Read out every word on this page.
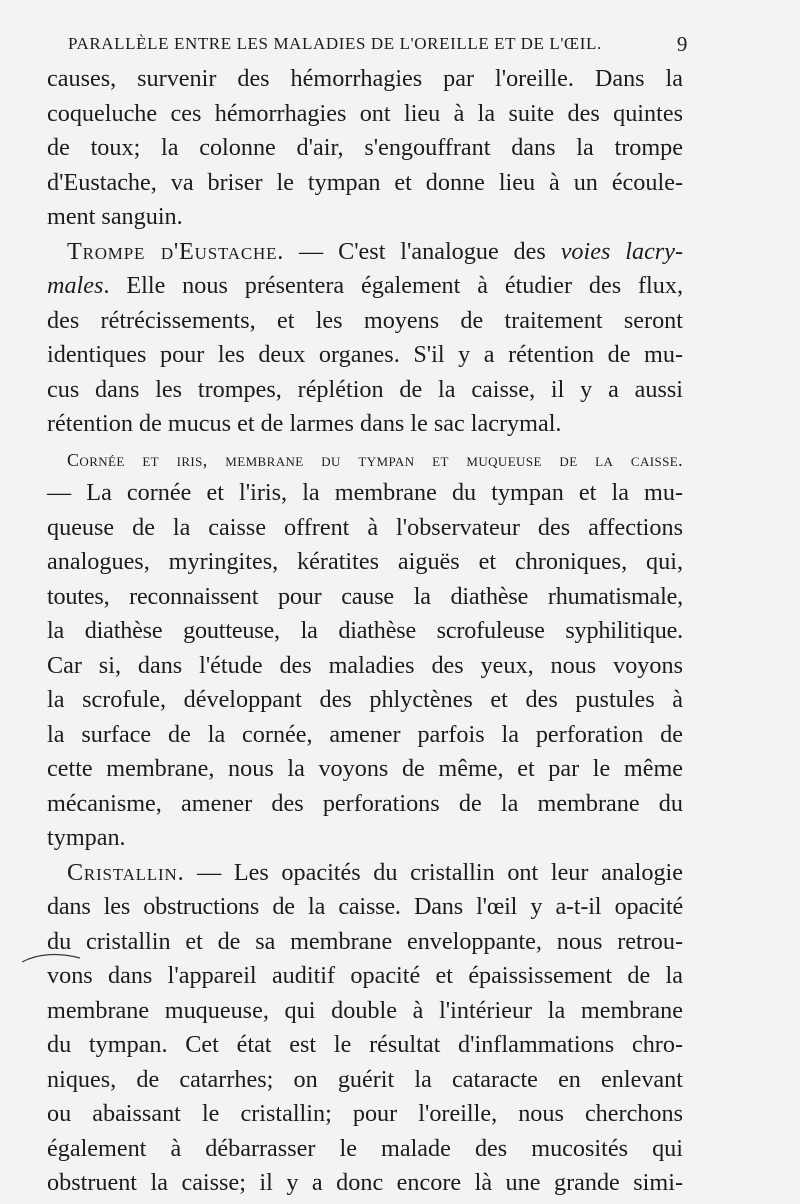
PARALLÈLE ENTRE LES MALADIES DE L'OREILLE ET DE L'ŒIL.	9
causes, survenir des hémorrhagies par l'oreille. Dans la
coqueluche ces hémorrhagies ont lieu à la suite des quintes
de toux; la colonne d'air, s'engouffrant dans la trompe
d'Eustache, va briser le tympan et donne lieu à un écoule-
ment sanguin.
Trompe d'Eustache. — C'est l'analogue des voies lacry-
males. Elle nous présentera également à étudier des flux,
des rétrécissements, et les moyens de traitement seront
identiques pour les deux organes. S'il y a rétention de mu-
cus dans les trompes, réplétion de la caisse, il y a aussi
rétention de mucus et de larmes dans le sac lacrymal.
Cornée et iris, membrane du tympan et muqueuse de la caisse.
— La cornée et l'iris, la membrane du tympan et la mu-
queuse de la caisse offrent à l'observateur des affections
analogues, myringites, kératites aiguës et chroniques, qui,
toutes, reconnaissent pour cause la diathèse rhumatismale,
la diathèse goutteuse, la diathèse scrofuleuse syphilitique.
Car si, dans l'étude des maladies des yeux, nous voyons
la scrofule, développant des phlyctènes et des pustules à
la surface de la cornée, amener parfois la perforation de
cette membrane, nous la voyons de même, et par le même
mécanisme, amener des perforations de la membrane du
tympan.
Cristallin. — Les opacités du cristallin ont leur analogie
dans les obstructions de la caisse. Dans l'œil y a-t-il opacité
du cristallin et de sa membrane enveloppante, nous retrou-
vons dans l'appareil auditif opacité et épaississement de la
membrane muqueuse, qui double à l'intérieur la membrane
du tympan. Cet état est le résultat d'inflammations chro-
niques, de catarrhes; on guérit la cataracte en enlevant
ou abaissant le cristallin; pour l'oreille, nous cherchons
également à débarrasser le malade des mucosités qui
obstruent la caisse; il y a donc encore là une grande simi-
